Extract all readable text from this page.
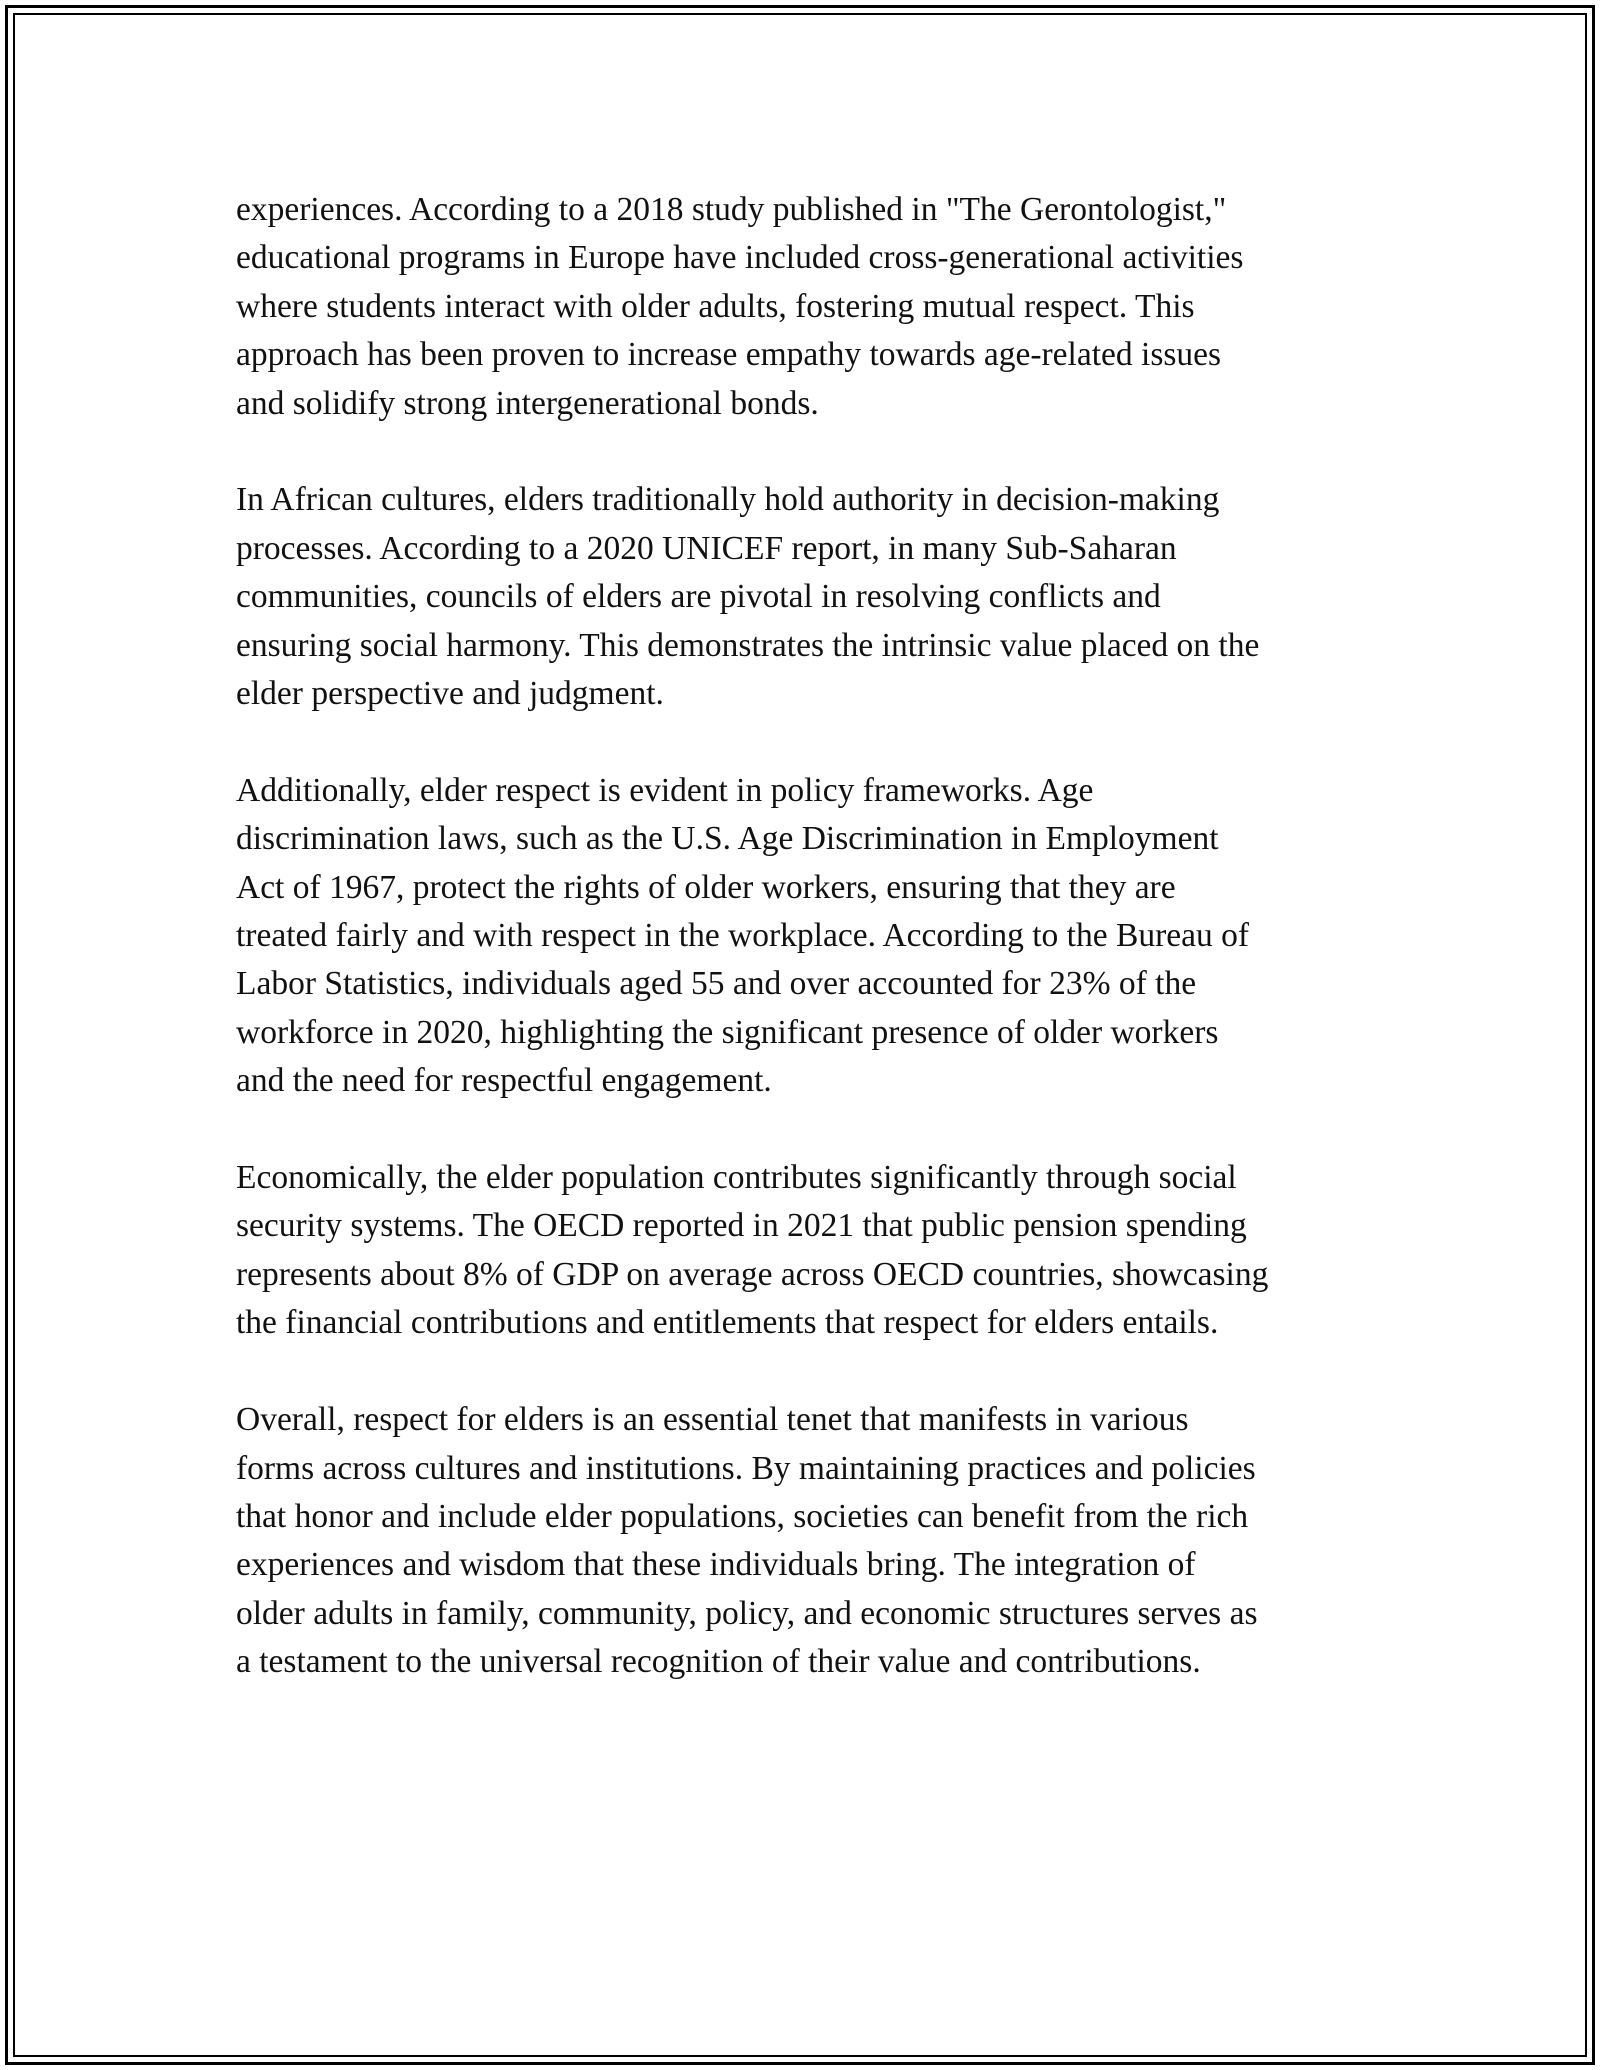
experiences. According to a 2018 study published in "The Gerontologist,"
educational programs in Europe have included cross-generational activities
where students interact with older adults, fostering mutual respect. This
approach has been proven to increase empathy towards age-related issues
and solidify strong intergenerational bonds.

In African cultures, elders traditionally hold authority in decision-making
processes. According to a 2020 UNICEF report, in many Sub-Saharan
communities, councils of elders are pivotal in resolving conflicts and
ensuring social harmony. This demonstrates the intrinsic value placed on the
elder perspective and judgment.

Additionally, elder respect is evident in policy frameworks. Age
discrimination laws, such as the U.S. Age Discrimination in Employment
Act of 1967, protect the rights of older workers, ensuring that they are
treated fairly and with respect in the workplace. According to the Bureau of
Labor Statistics, individuals aged 55 and over accounted for 23% of the
workforce in 2020, highlighting the significant presence of older workers
and the need for respectful engagement.

Economically, the elder population contributes significantly through social
security systems. The OECD reported in 2021 that public pension spending
represents about 8% of GDP on average across OECD countries, showcasing
the financial contributions and entitlements that respect for elders entails.

Overall, respect for elders is an essential tenet that manifests in various
forms across cultures and institutions. By maintaining practices and policies
that honor and include elder populations, societies can benefit from the rich
experiences and wisdom that these individuals bring. The integration of
older adults in family, community, policy, and economic structures serves as
a testament to the universal recognition of their value and contributions.
